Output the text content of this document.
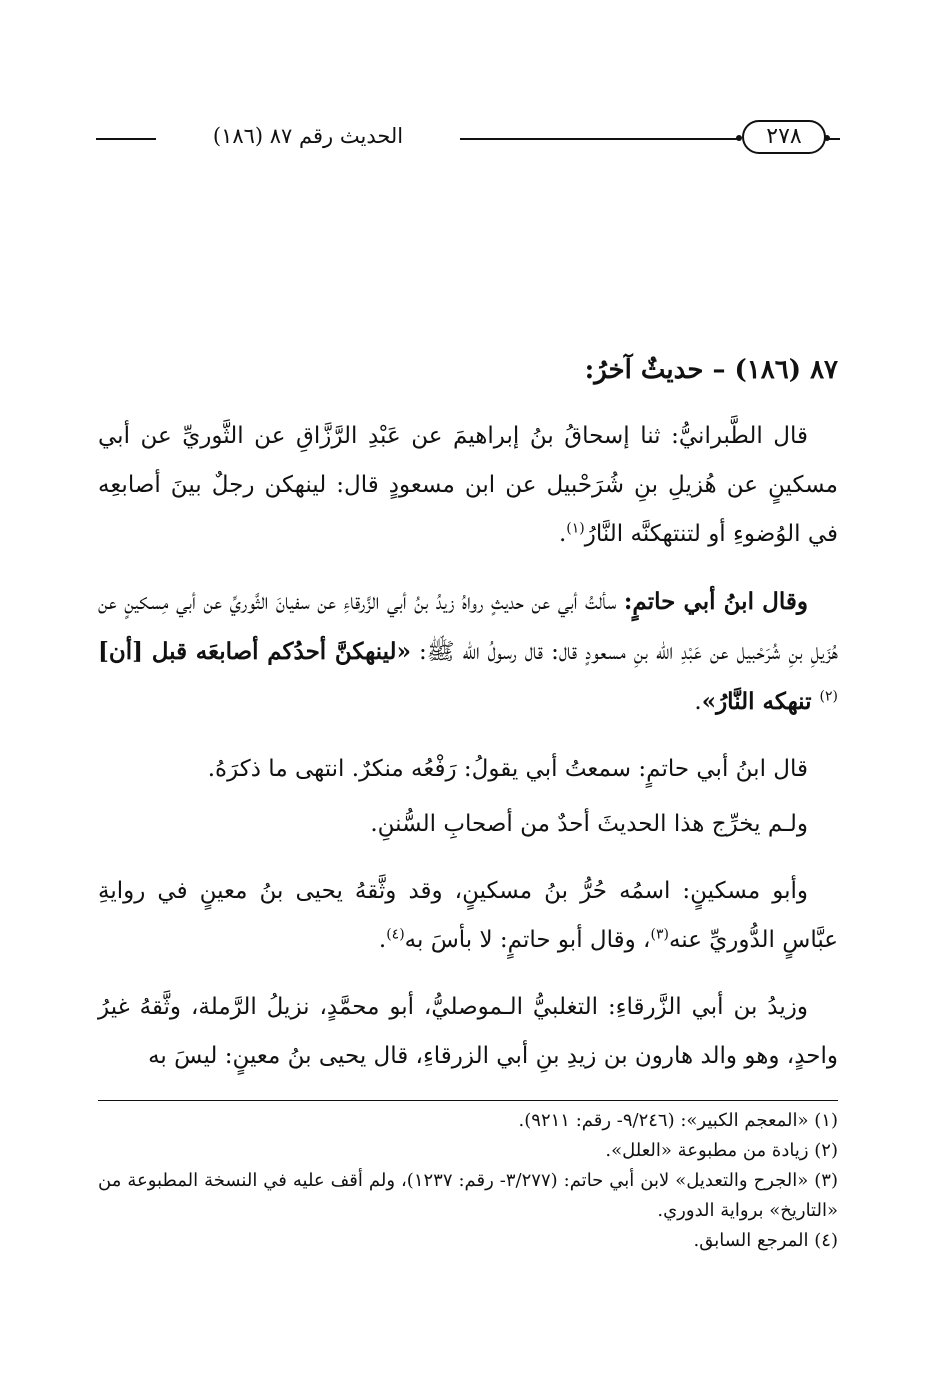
الحديث رقم ٨٧ (١٨٦)	٢٧٨
٨٧ (١٨٦) – حديثٌ آخرُ:

قال الطَّبرانيُّ: ثنا إسحاقُ بنُ إبراهيمَ عن عَبْدِ الرَّزَّاقِ عن الثَّوريِّ عن أبي مسكينٍ عن هُزيلِ بنِ شُرَحْبيل عن ابن مسعودٍ قال: لينهكن رجلٌ بينَ أصابعِه في الوُضوءِ أو لتنتهكنَّه النَّارُ$^{(١)}$.

وقال ابنُ أبي حاتمٍ: سألتُ أبي عن حديثٍ رواهُ زيدُ بنُ أبي الزَّرقاءِ عن سفيانَ الثَّوريِّ عن أبي مِسكينٍ عن هُزَيلِ بنِ شُرَحْبيل عن عَبْدِ الله بنِ مسعودٍ قال: قال رسولُ الله ﷺ: «لينهكنَّ أحدُكم أصابعَه قبل [أن]$^{(٢)}$ تنهكه النَّارُ».

قال ابنُ أبي حاتمٍ: سمعتُ أبي يقولُ: رَفْعُه منكرٌ. انتهى ما ذكرَهُ.

ولـم يخرِّج هذا الحديثَ أحدٌ من أصحابِ السُّننِ.

وأبو مسكينٍ: اسمُه حُرُّ بنُ مسكينٍ، وقد وثَّقهُ يحيى بنُ معينٍ في روايةِ عبَّاسٍ الدُّوريِّ عنه$^{(٣)}$، وقال أبو حاتمٍ: لا بأسَ به$^{(٤)}$.

وزيدُ بن أبي الزَّرقاءِ: التغلبيُّ الـموصليُّ، أبو محمَّدٍ، نزيلُ الرَّملة، وثَّقهُ غيرُ واحدٍ، وهو والد هارون بن زيدِ بنِ أبي الزرقاءِ، قال يحيى بنُ معينٍ: ليسَ به

(١) «المعجم الكبير»: (٩/٢٤٦- رقم: ٩٢١١).

(٢) زيادة من مطبوعة «العلل».

(٣) «الجرح والتعديل» لابن أبي حاتم: (٣/٢٧٧- رقم: ١٢٣٧)، ولم أقف عليه في النسخة المطبوعة من «التاريخ» برواية الدوري.

(٤) المرجع السابق.
